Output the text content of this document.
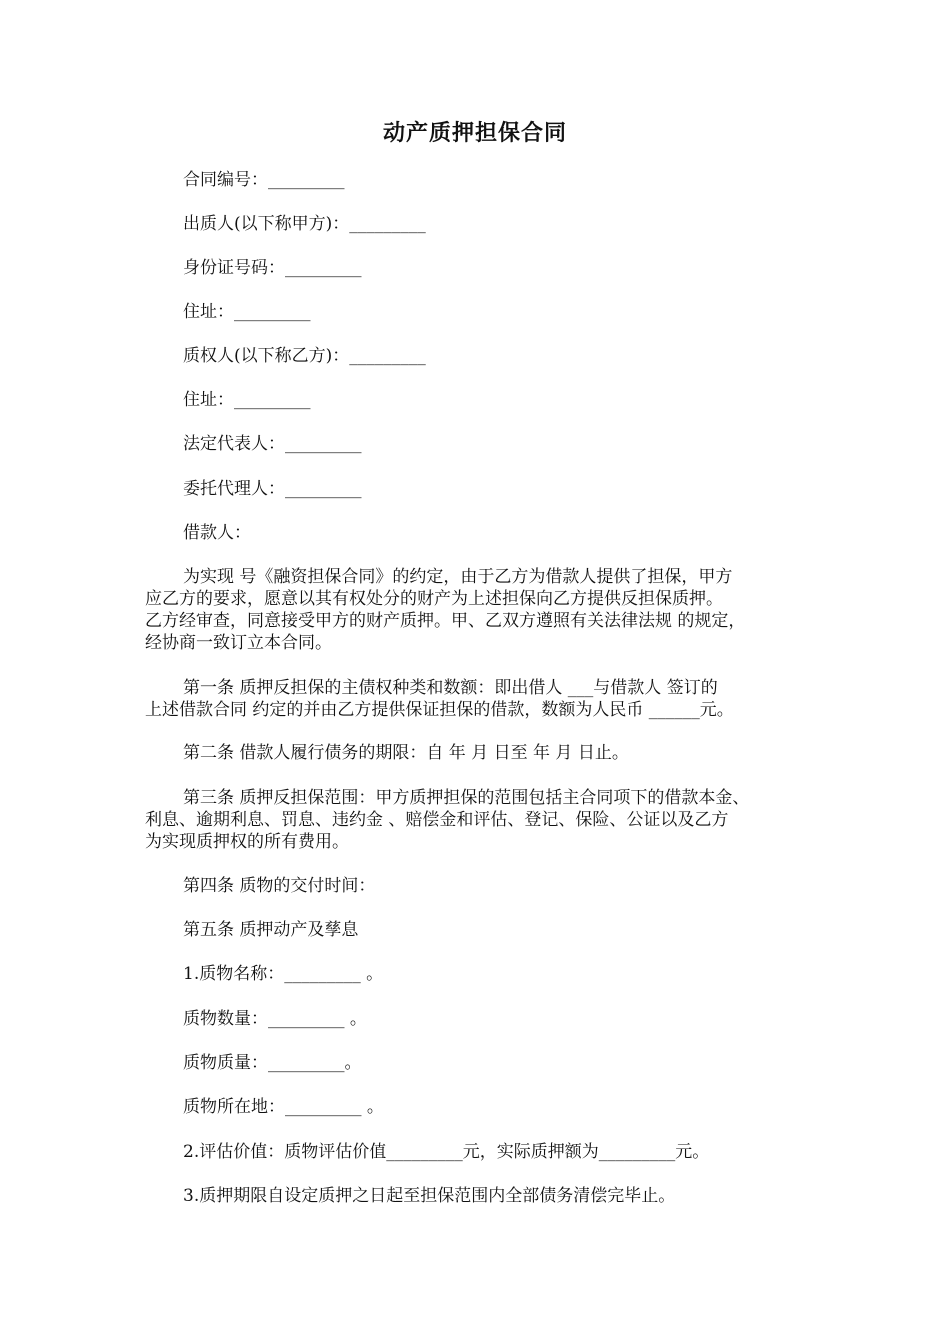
动产质押担保合同
合同编号：_________
出质人(以下称甲方)：_________
身份证号码：_________
住址：_________
质权人(以下称乙方)：_________
住址：_________
法定代表人：_________
委托代理人：_________
借款人：
为实现 号《融资担保合同》的约定，由于乙方为借款人提供了担保，甲方
应乙方的要求，愿意以其有权处分的财产为上述担保向乙方提供反担保质押。
乙方经审查，同意接受甲方的财产质押。甲、乙双方遵照有关法律法规 的规定，
经协商一致订立本合同。
第一条 质押反担保的主债权种类和数额：即出借人 ___与借款人 签订的
上述借款合同 约定的并由乙方提供保证担保的借款，数额为人民币 ______元。
第二条 借款人履行债务的期限：自 年 月 日至 年 月 日止。
第三条 质押反担保范围：甲方质押担保的范围包括主合同项下的借款本金、
利息、逾期利息、罚息、违约金 、赔偿金和评估、登记、保险、公证以及乙方
为实现质押权的所有费用。
第四条 质物的交付时间：
第五条 质押动产及孳息
1.质物名称：_________ 。
质物数量：_________ 。
质物质量：_________。
质物所在地：_________ 。
2.评估价值：质物评估价值_________元，实际质押额为_________元。
3.质押期限自设定质押之日起至担保范围内全部债务清偿完毕止。
